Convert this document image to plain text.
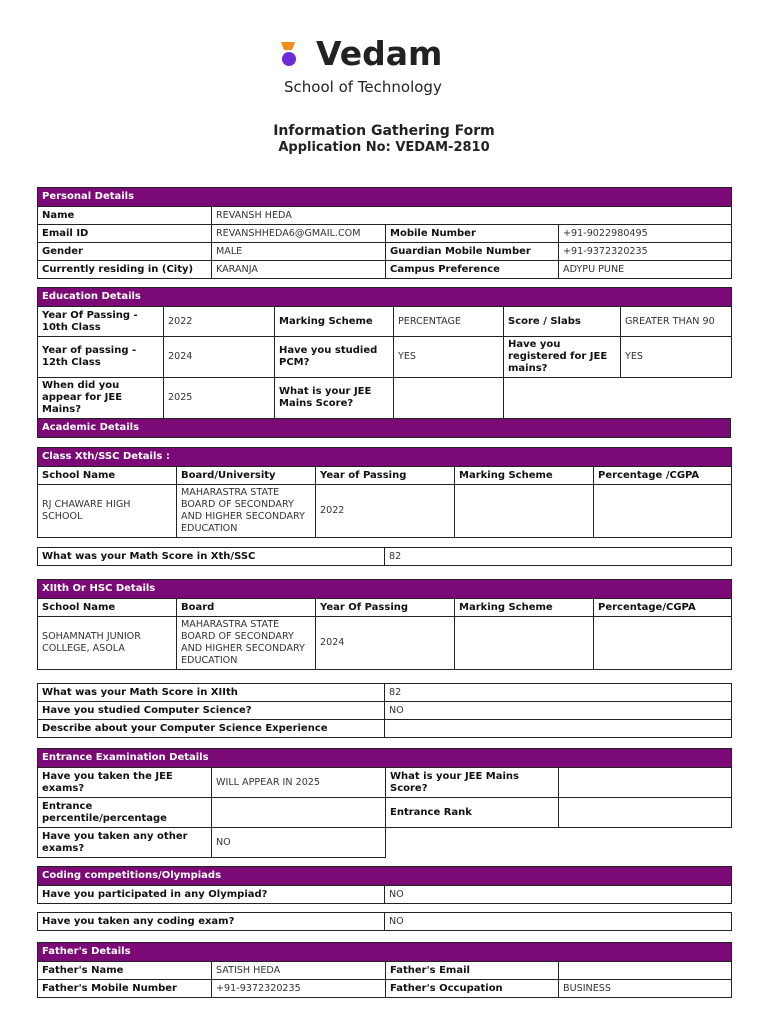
Vedam
School of Technology
Information Gathering Form
Application No: VEDAM-2810
Personal Details			
Name	REVANSH HEDA		
Email ID	REVANSHHEDA6@GMAIL.COM	Mobile Number	+91-9022980495
Gender	MALE	Guardian Mobile Number	+91-9372320235
Currently residing in (City)	KARANJA	Campus Preference	ADYPU PUNE
Education Details					
Year Of Passing - 10th Class	2022	Marking Scheme	PERCENTAGE	Score / Slabs	GREATER THAN 90
Year of passing - 12th Class	2024	Have you studied PCM?	YES	Have you registered for JEE mains?	YES
When did you appear for JEE Mains?	2025	What is your JEE Mains Score?			
Academic Details
Class Xth/SSC Details :				
School Name	Board/University	Year of Passing	Marking Scheme	Percentage /CGPA
RJ CHAWARE HIGH SCHOOL	MAHARASTRA STATE BOARD OF SECONDARY AND HIGHER SECONDARY EDUCATION	2022		
What was your Math Score in Xth/SSC	82
XIIth Or HSC Details				
School Name	Board	Year Of Passing	Marking Scheme	Percentage/CGPA
SOHAMNATH JUNIOR COLLEGE, ASOLA	MAHARASTRA STATE BOARD OF SECONDARY AND HIGHER SECONDARY EDUCATION	2024		
What was your Math Score in XIIth	82
Have you studied Computer Science?	NO
Describe about your Computer Science Experience	
Entrance Examination Details			
Have you taken the JEE exams?	WILL APPEAR IN 2025	What is your JEE Mains Score?	
Entrance percentile/percentage		Entrance Rank	
Have you taken any other exams?	NO		
Coding competitions/Olympiads
Have you participated in any Olympiad?	NO
Have you taken any coding exam?	NO
Father's Details			
Father's Name	SATISH HEDA	Father's Email	
Father's Mobile Number	+91-9372320235	Father's Occupation	BUSINESS
